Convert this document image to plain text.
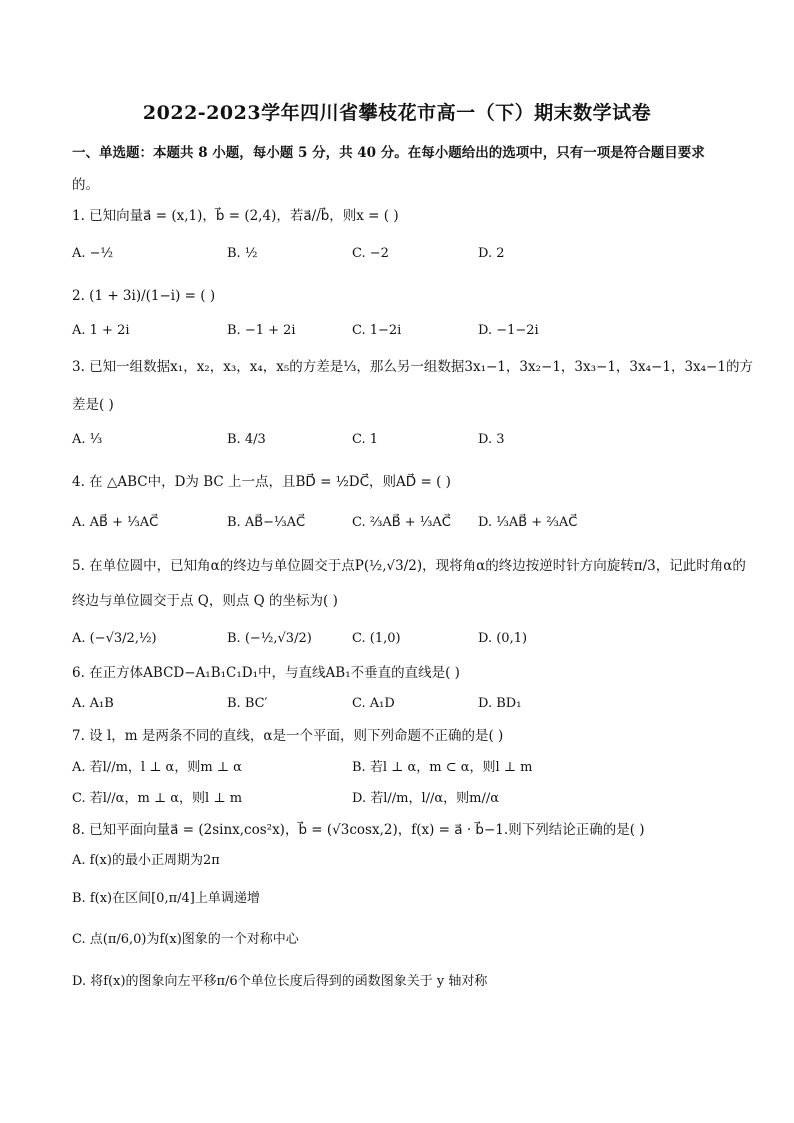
2022-2023学年四川省攀枝花市高一（下）期末数学试卷
一、单选题：本题共 8 小题，每小题 5 分，共 40 分。在每小题给出的选项中，只有一项是符合题目要求
的。
1. 已知向量a⃗ = (x,1)，b⃗ = (2,4)，若a⃗//b⃗，则x = ( )
A. −½	B. ½	C. −2	D. 2
2. (1 + 3i)/(1−i) = ( )
A. 1 + 2i	B. −1 + 2i	C. 1−2i	D. −1−2i
3. 已知一组数据x₁，x₂，x₃，x₄，x₅的方差是⅓，那么另一组数据3x₁−1，3x₂−1，3x₃−1，3x₄−1，3x₄−1的方
差是( )
A. ⅓	B. 4/3	C. 1	D. 3
4. 在 △ABC中，D为 BC 上一点，且BD⃗ = ½DC⃗，则AD⃗ = ( )
A. AB⃗ + ⅓AC⃗	B. AB⃗−⅓AC⃗	C. ⅔AB⃗ + ⅓AC⃗ D. ⅓AB⃗ + ⅔AC⃗
5. 在单位圆中，已知角α的终边与单位圆交于点P(½,√3/2)，现将角α的终边按逆时针方向旋转π/3，记此时角α的
终边与单位圆交于点 Q，则点 Q 的坐标为( )
A. (−√3/2,½)	B. (−½,√3/2)	C. (1,0)	D. (0,1)
6. 在正方体ABCD−A₁B₁C₁D₁中，与直线AB₁不垂直的直线是( )
A. A₁B	B. BC′	C. A₁D	D. BD₁
7. 设 l，m 是两条不同的直线，α是一个平面，则下列命题不正确的是( )
A. 若l//m，l ⊥ α，则m ⊥ α	B. 若l ⊥ α，m ⊂ α，则l ⊥ m
C. 若l//α，m ⊥ α，则l ⊥ m	D. 若l//m，l//α，则m//α
8. 已知平面向量a⃗ = (2sinx,cos²x)，b⃗ = (√3cosx,2)，f(x) = a⃗ · b⃗−1.则下列结论正确的是( )
A. f(x)的最小正周期为2π
B. f(x)在区间[0,π/4]上单调递增
C. 点(π/6,0)为f(x)图象的一个对称中心
D. 将f(x)的图象向左平移π/6个单位长度后得到的函数图象关于 y 轴对称
